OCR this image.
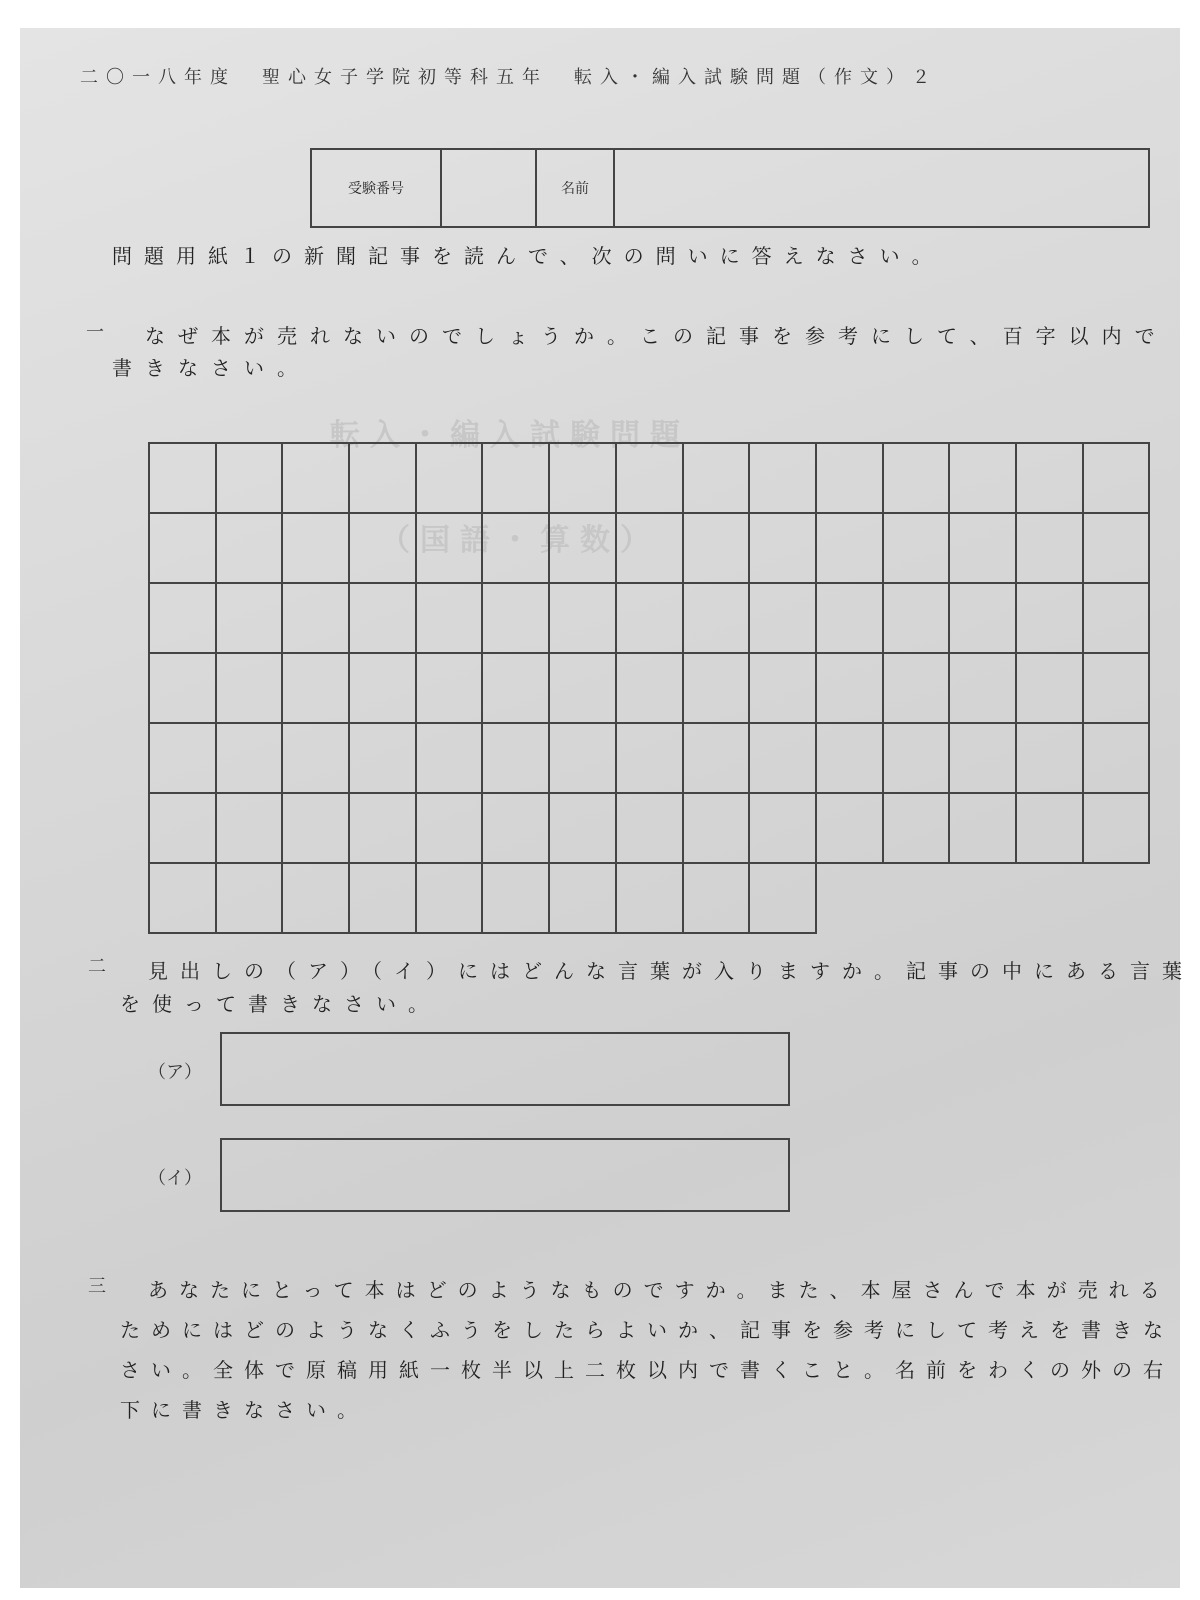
転入・編入試験問題
（国語・算数）
二〇一八年度　聖心女子学院初等科五年　転入・編入試験問題（作文）２
受験番号	名前
問題用紙１の新聞記事を読んで、次の問いに答えなさい。
一 なぜ本が売れないのでしょうか。この記事を参考にして、百字以内で
書きなさい。
二 見出しの（ア）（イ）にはどんな言葉が入りますか。記事の中にある言葉
を使って書きなさい。
（ア）
（イ）
三 あなたにとって本はどのようなものですか。また、本屋さんで本が売れる
ためにはどのようなくふうをしたらよいか、記事を参考にして考えを書きな
さい。全体で原稿用紙一枚半以上二枚以内で書くこと。名前をわくの外の右
下に書きなさい。
